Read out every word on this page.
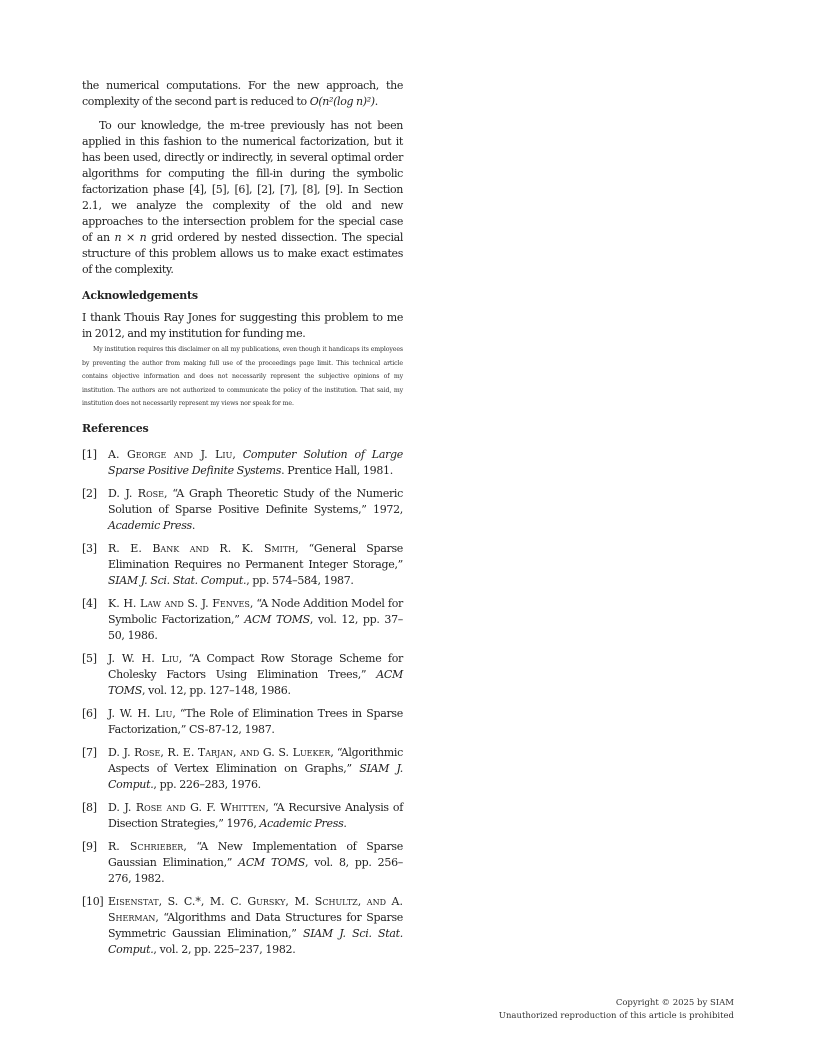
the numerical computations. For the new approach, the complexity of the second part is reduced to O(n²(log n)²).

To our knowledge, the m-tree previously has not been applied in this fashion to the numerical factorization, but it has been used, directly or indirectly, in several optimal order algorithms for computing the fill-in during the symbolic factorization phase [4], [5], [6], [2], [7], [8], [9]. In Section 2.1, we analyze the complexity of the old and new approaches to the intersection problem for the special case of an n × n grid ordered by nested dissection. The special structure of this problem allows us to make exact estimates of the complexity.

Acknowledgements

I thank Thouis Ray Jones for suggesting this problem to me in 2012, and my institution for funding me.

My institution requires this disclaimer on all my publications, even though it handicaps its employees by preventing the author from making full use of the proceedings page limit. This technical article contains objective information and does not necessarily represent the subjective opinions of my institution. The authors are not authorized to communicate the policy of the institution. That said, my institution does not necessarily represent my views nor speak for me.

References
[1]	A. George and J. Liu, Computer Solution of Large Sparse Positive Definite Systems. Prentice Hall, 1981.
[2]	D. J. Rose, “A Graph Theoretic Study of the Numeric Solution of Sparse Positive Definite Systems,” 1972, Academic Press.
[3]	R. E. Bank and R. K. Smith, “General Sparse Elimination Requires no Permanent Integer Storage,” SIAM J. Sci. Stat. Comput., pp. 574–584, 1987.
[4]	K. H. Law and S. J. Fenves, “A Node Addition Model for Symbolic Factorization,” ACM TOMS, vol. 12, pp. 37–50, 1986.
[5]	J. W. H. Liu, “A Compact Row Storage Scheme for Cholesky Factors Using Elimination Trees,” ACM TOMS, vol. 12, pp. 127–148, 1986.
[6]	J. W. H. Liu, “The Role of Elimination Trees in Sparse Factorization,” CS-87-12, 1987.
[7]	D. J. Rose, R. E. Tarjan, and G. S. Lueker, “Algorithmic Aspects of Vertex Elimination on Graphs,” SIAM J. Comput., pp. 226–283, 1976.
[8]	D. J. Rose and G. F. Whitten, “A Recursive Analysis of Disection Strategies,” 1976, Academic Press.
[9]	R. Schrieber, “A New Implementation of Sparse Gaussian Elimination,” ACM TOMS, vol. 8, pp. 256–276, 1982.
[10] Eisenstat, S. C.*, M. C. Gursky, M. Schultz, and A. Sherman, “Algorithms and Data Structures for Sparse Symmetric Gaussian Elimination,” SIAM J. Sci. Stat. Comput., vol. 2, pp. 225–237, 1982.
Copyright © 2025 by SIAM
Unauthorized reproduction of this article is prohibited
